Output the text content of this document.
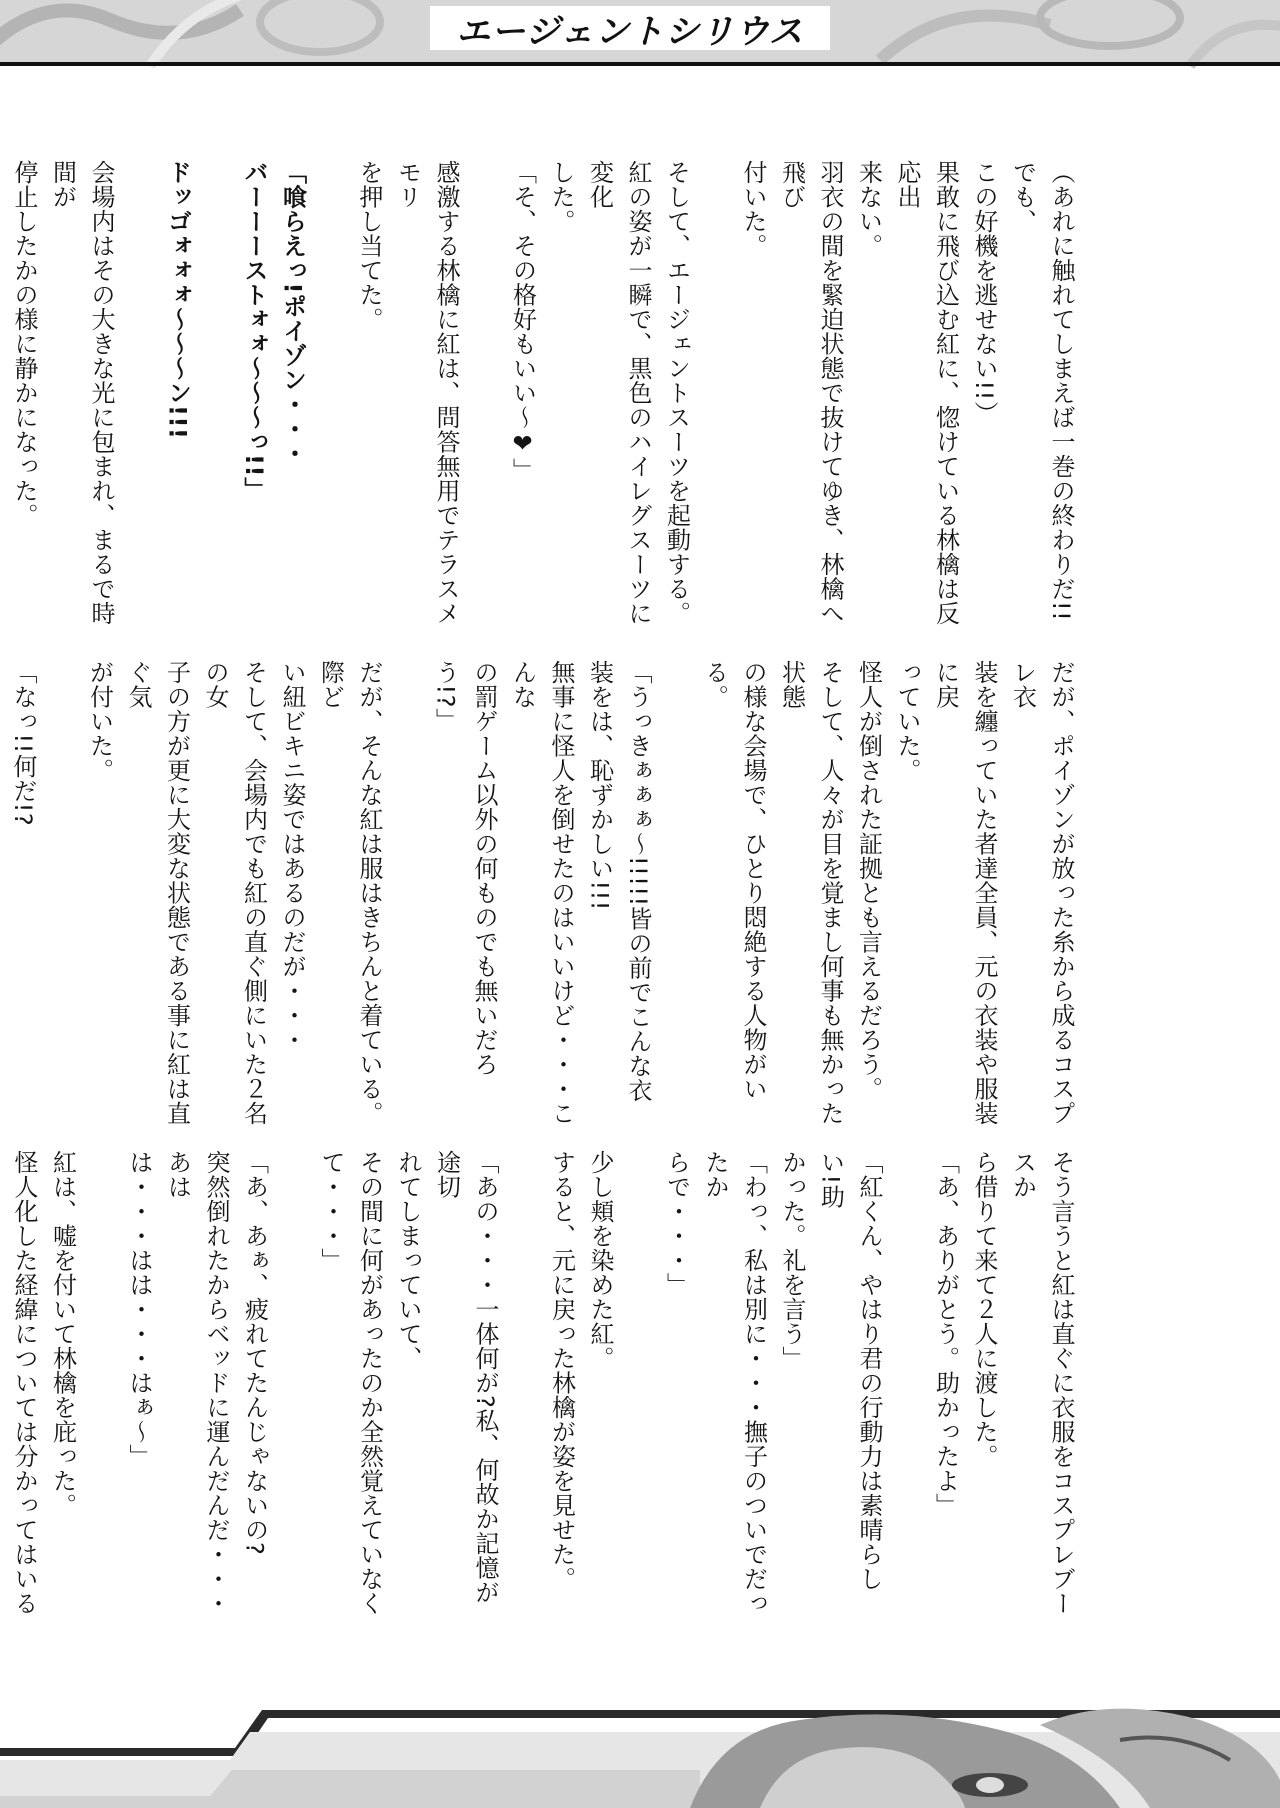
エージェントシリウス

（あれに触れてしまえば一巻の終わりだ!!でも、
この好機を逃せない!!）

果敢に飛び込む紅に、惚けている林檎は反応出
来ない。
羽衣の間を緊迫状態で抜けてゆき、林檎へ飛び
付いた。

そして、エージェントスーツを起動する。
紅の姿が一瞬で、黒色のハイレグスーツに変化
した。

「そ、その格好もいい～❤」

感激する林檎に紅は、問答無用でテラスメモリ
を押し当てた。

「喰らえっ!ポイゾン・・・
バーーーストォォ～～～っ!!」

ドッゴォォォ～～～ン!!!

会場内はその大きな光に包まれ、まるで時間が
停止したかの様に静かになった。

だが、ポイゾンが放った糸から成るコスプレ衣
装を纏っていた者達全員、元の衣装や服装に戻
っていた。

怪人が倒された証拠とも言えるだろう。
そして、人々が目を覚まし何事も無かった状態
の様な会場で、ひとり悶絶する人物がいる。

「うっきぁぁぁ～!!!!!皆の前でこんな衣
装をは、恥ずかしい!!!
無事に怪人を倒せたのはいいけど・・・こんな
の罰ゲーム以外の何ものでも無いだろう!?」

だが、そんな紅は服はきちんと着ている。際ど
い紐ビキニ姿ではあるのだが・・・
そして、会場内でも紅の直ぐ側にいた２名の女
子の方が更に大変な状態である事に紅は直ぐ気
が付いた。

「なっ!!何だ!?

そう言うと紅は直ぐに衣服をコスプレブースか
ら借りて来て２人に渡した。

「あ、ありがとう。助かったよ」

「紅くん、やはり君の行動力は素晴らしい!助
かった。礼を言う」

「わっ、私は別に・・・撫子のついでだったか
らで・・・」

少し頬を染めた紅。
すると、元に戻った林檎が姿を見せた。

「あの・・・一体何が?私、何故か記憶が途切
れてしまっていて、
その間に何があったのか全然覚えていなく
て・・・」

「あ、あぁ、疲れてたんじゃないの?
突然倒れたからベッドに運んだんだ・・・あは
は・・・はは・・・はぁ～」

紅は、嘘を付いて林檎を庇った。
怪人化した経緯については分かってはいる
